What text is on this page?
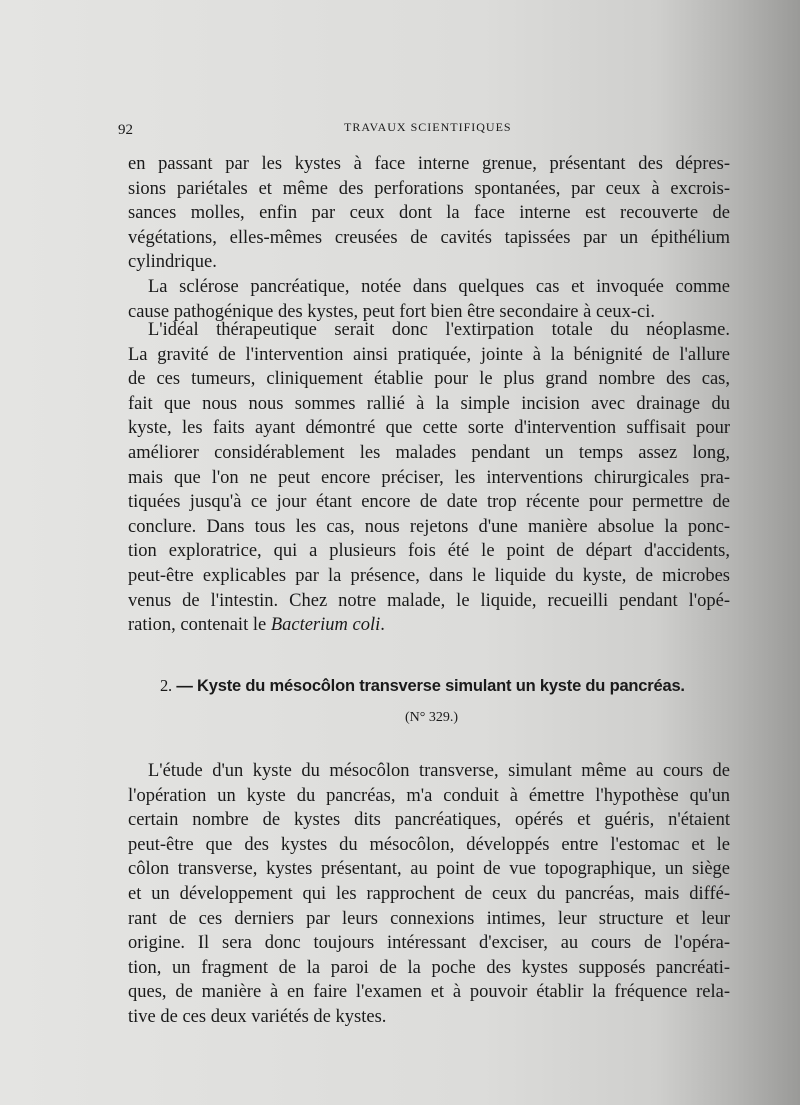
92	TRAVAUX SCIENTIFIQUES

en passant par les kystes à face interne grenue, présentant des dépres-
sions pariétales et même des perforations spontanées, par ceux à excrois-
sances molles, enfin par ceux dont la face interne est recouverte de
végétations, elles-mêmes creusées de cavités tapissées par un épithélium
cylindrique.

La sclérose pancréatique, notée dans quelques cas et invoquée comme
cause pathogénique des kystes, peut fort bien être secondaire à ceux-ci.

L'idéal thérapeutique serait donc l'extirpation totale du néoplasme.
La gravité de l'intervention ainsi pratiquée, jointe à la bénignité de l'allure
de ces tumeurs, cliniquement établie pour le plus grand nombre des cas,
fait que nous nous sommes rallié à la simple incision avec drainage du
kyste, les faits ayant démontré que cette sorte d'intervention suffisait pour
améliorer considérablement les malades pendant un temps assez long,
mais que l'on ne peut encore préciser, les interventions chirurgicales pra-
tiquées jusqu'à ce jour étant encore de date trop récente pour permettre de
conclure. Dans tous les cas, nous rejetons d'une manière absolue la ponc-
tion exploratrice, qui a plusieurs fois été le point de départ d'accidents,
peut-être explicables par la présence, dans le liquide du kyste, de microbes
venus de l'intestin. Chez notre malade, le liquide, recueilli pendant l'opé-
ration, contenait le Bacterium coli.

2. — Kyste du mésocôlon transverse simulant un kyste du pancréas.
(N° 329.)

L'étude d'un kyste du mésocôlon transverse, simulant même au cours de
l'opération un kyste du pancréas, m'a conduit à émettre l'hypothèse qu'un
certain nombre de kystes dits pancréatiques, opérés et guéris, n'étaient
peut-être que des kystes du mésocôlon, développés entre l'estomac et le
côlon transverse, kystes présentant, au point de vue topographique, un siège
et un développement qui les rapprochent de ceux du pancréas, mais diffé-
rant de ces derniers par leurs connexions intimes, leur structure et leur
origine. Il sera donc toujours intéressant d'exciser, au cours de l'opéra-
tion, un fragment de la paroi de la poche des kystes supposés pancréati-
ques, de manière à en faire l'examen et à pouvoir établir la fréquence rela-
tive de ces deux variétés de kystes.
